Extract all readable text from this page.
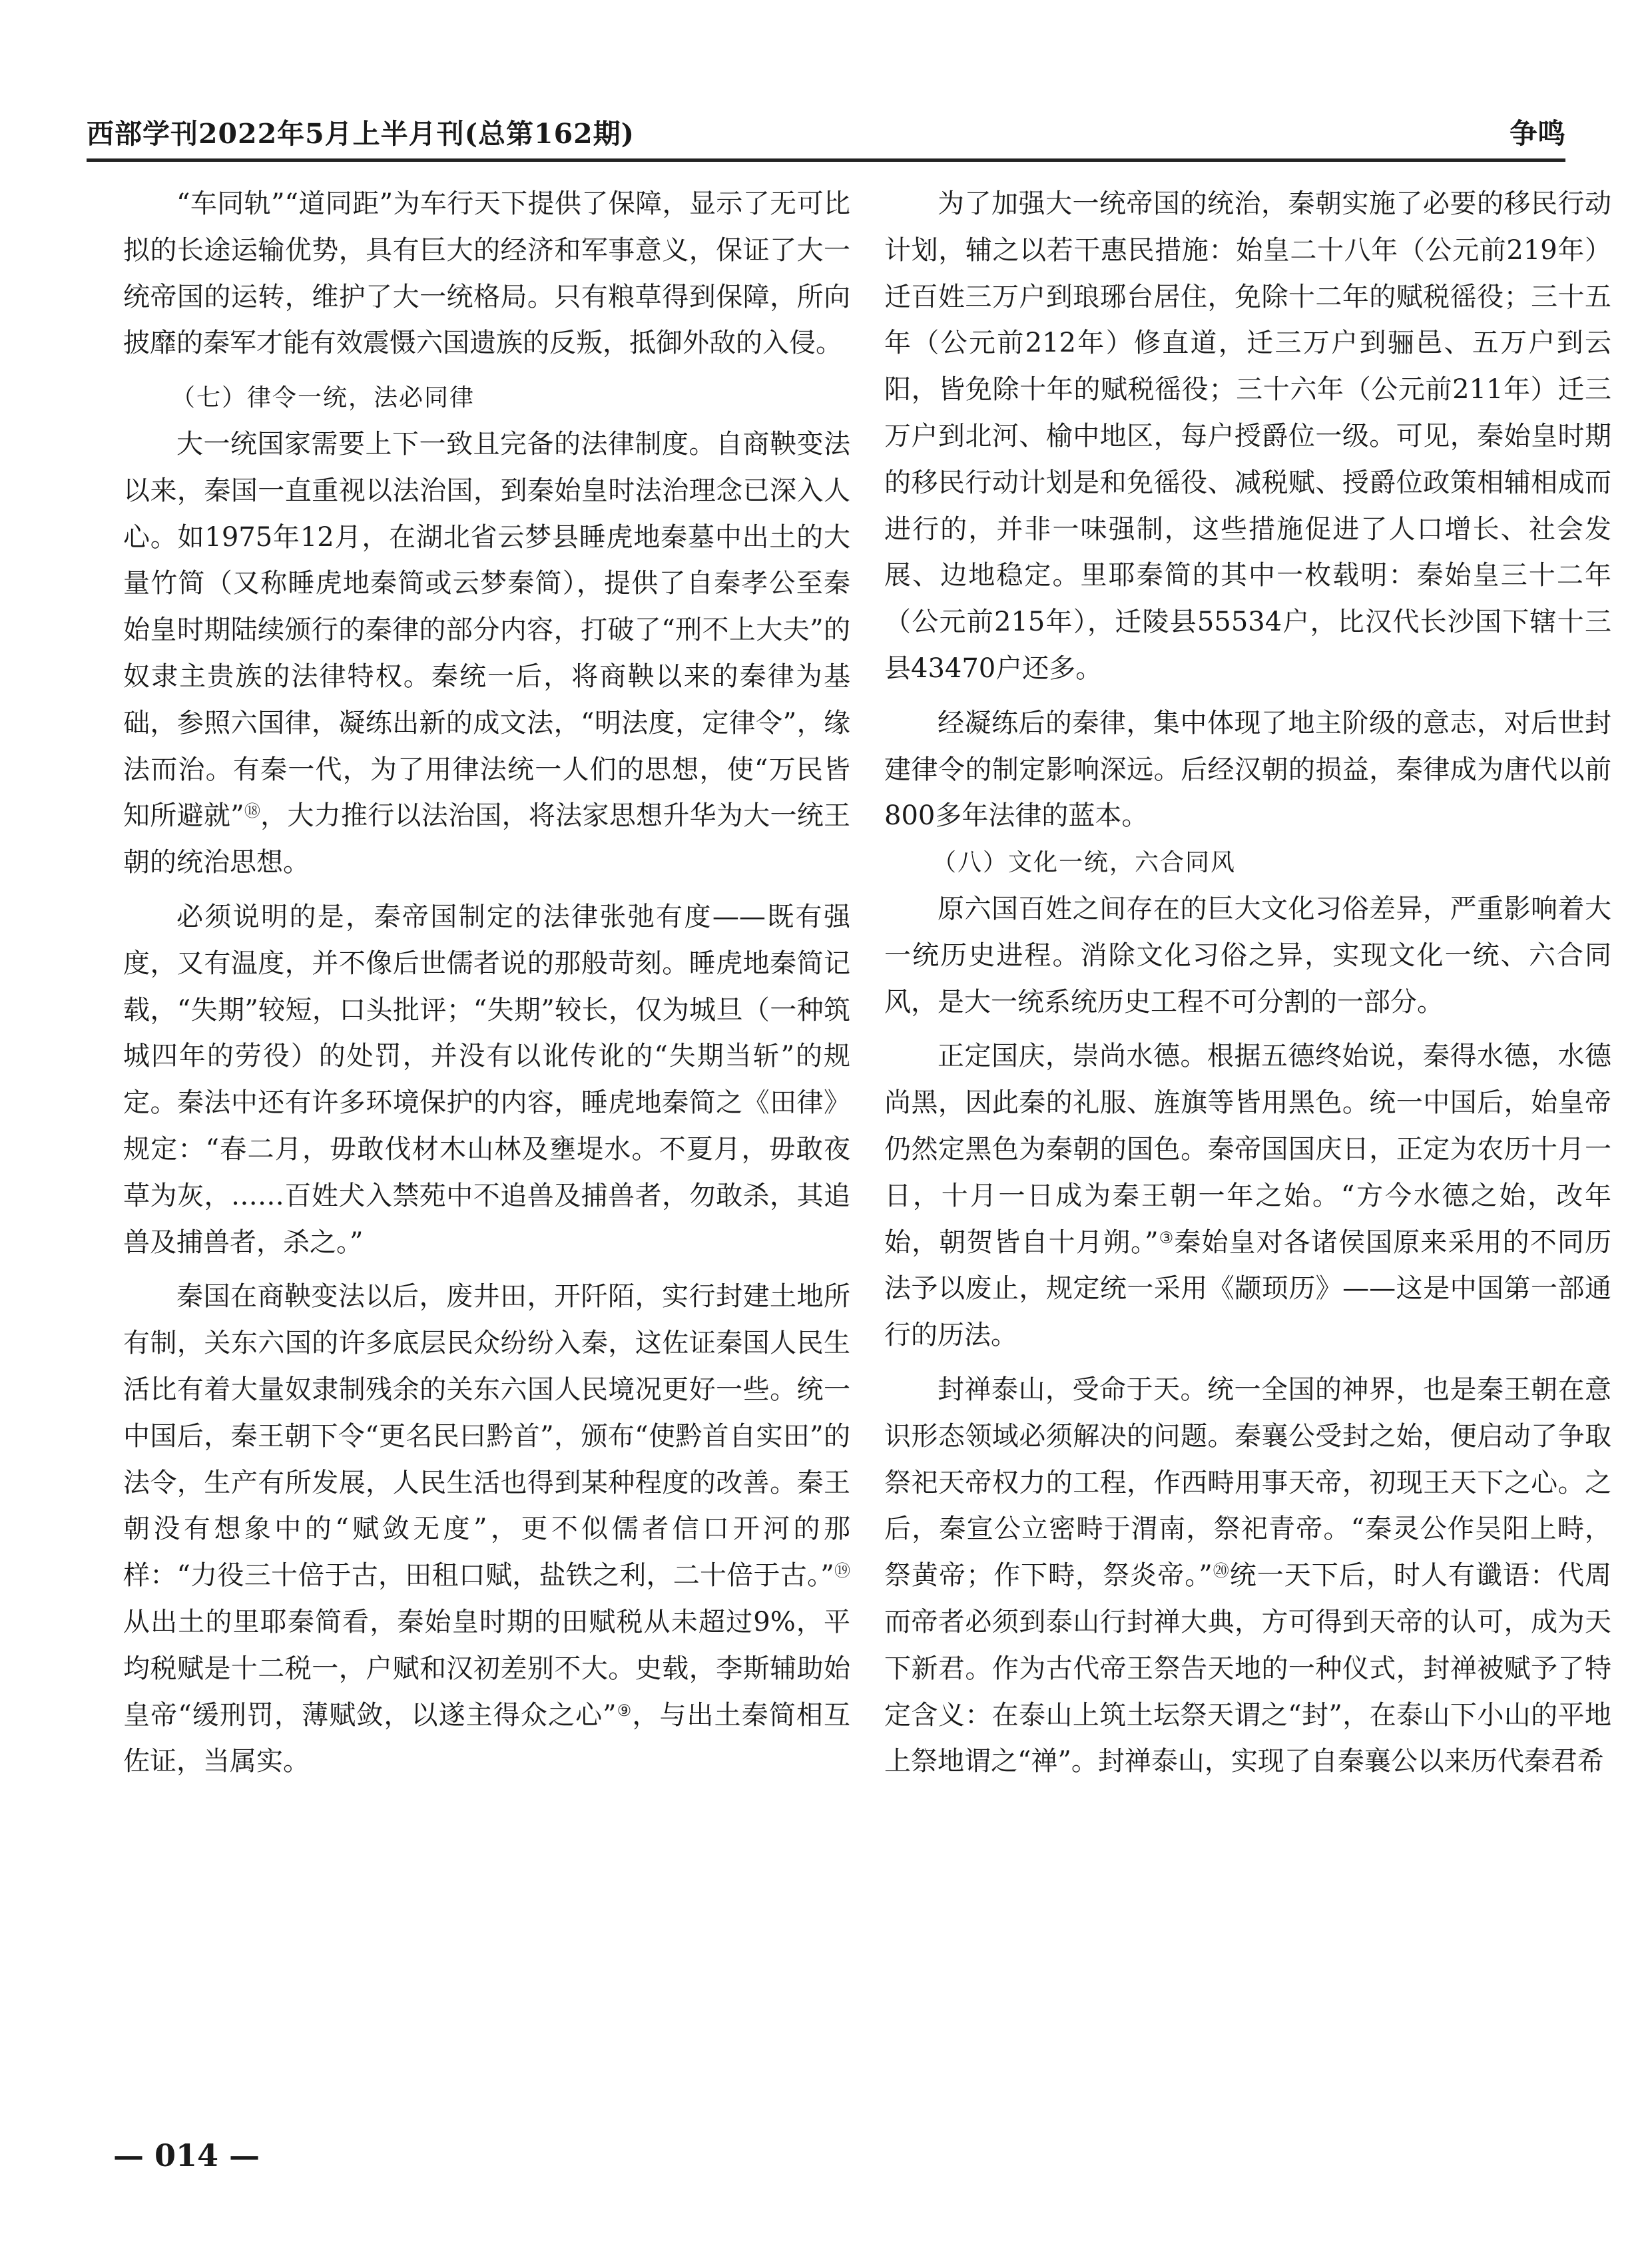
西部学刊2022年5月上半月刊(总第162期)	争鸣

“车同轨”“道同距”为车行天下提供了保障，显示了无可比拟的长途运输优势，具有巨大的经济和军事意义，保证了大一统帝国的运转，维护了大一统格局。只有粮草得到保障，所向披靡的秦军才能有效震慑六国遗族的反叛，抵御外敌的入侵。

（七）律令一统，法必同律

大一统国家需要上下一致且完备的法律制度。自商鞅变法以来，秦国一直重视以法治国，到秦始皇时法治理念已深入人心。如1975年12月，在湖北省云梦县睡虎地秦墓中出土的大量竹简（又称睡虎地秦简或云梦秦简），提供了自秦孝公至秦始皇时期陆续颁行的秦律的部分内容，打破了“刑不上大夫”的奴隶主贵族的法律特权。秦统一后，将商鞅以来的秦律为基础，参照六国律，凝练出新的成文法，“明法度，定律令”，缘法而治。有秦一代，为了用律法统一人们的思想，使“万民皆知所避就”⑱，大力推行以法治国，将法家思想升华为大一统王朝的统治思想。

必须说明的是，秦帝国制定的法律张弛有度——既有强度，又有温度，并不像后世儒者说的那般苛刻。睡虎地秦简记载，“失期”较短，口头批评；“失期”较长，仅为城旦（一种筑城四年的劳役）的处罚，并没有以讹传讹的“失期当斩”的规定。秦法中还有许多环境保护的内容，睡虎地秦简之《田律》规定：“春二月，毋敢伐材木山林及壅堤水。不夏月，毋敢夜草为灰，……百姓犬入禁苑中不追兽及捕兽者，勿敢杀，其追兽及捕兽者，杀之。”

秦国在商鞅变法以后，废井田，开阡陌，实行封建土地所有制，关东六国的许多底层民众纷纷入秦，这佐证秦国人民生活比有着大量奴隶制残余的关东六国人民境况更好一些。统一中国后，秦王朝下令“更名民曰黔首”，颁布“使黔首自实田”的法令，生产有所发展，人民生活也得到某种程度的改善。秦王朝没有想象中的“赋敛无度”，更不似儒者信口开河的那样：“力役三十倍于古，田租口赋，盐铁之利，二十倍于古。”⑲从出土的里耶秦简看，秦始皇时期的田赋税从未超过9%，平均税赋是十二税一，户赋和汉初差别不大。史载，李斯辅助始皇帝“缓刑罚，薄赋敛，以遂主得众之心”⑨，与出土秦简相互佐证，当属实。

为了加强大一统帝国的统治，秦朝实施了必要的移民行动计划，辅之以若干惠民措施：始皇二十八年（公元前219年）迁百姓三万户到琅琊台居住，免除十二年的赋税徭役；三十五年（公元前212年）修直道，迁三万户到骊邑、五万户到云阳，皆免除十年的赋税徭役；三十六年（公元前211年）迁三万户到北河、榆中地区，每户授爵位一级。可见，秦始皇时期的移民行动计划是和免徭役、减税赋、授爵位政策相辅相成而进行的，并非一味强制，这些措施促进了人口增长、社会发展、边地稳定。里耶秦简的其中一枚载明：秦始皇三十二年（公元前215年），迁陵县55534户，比汉代长沙国下辖十三县43470户还多。

经凝练后的秦律，集中体现了地主阶级的意志，对后世封建律令的制定影响深远。后经汉朝的损益，秦律成为唐代以前800多年法律的蓝本。

（八）文化一统，六合同风

原六国百姓之间存在的巨大文化习俗差异，严重影响着大一统历史进程。消除文化习俗之异，实现文化一统、六合同风，是大一统系统历史工程不可分割的一部分。

正定国庆，崇尚水德。根据五德终始说，秦得水德，水德尚黑，因此秦的礼服、旌旗等皆用黑色。统一中国后，始皇帝仍然定黑色为秦朝的国色。秦帝国国庆日，正定为农历十月一日，十月一日成为秦王朝一年之始。“方今水德之始，改年始，朝贺皆自十月朔。”③秦始皇对各诸侯国原来采用的不同历法予以废止，规定统一采用《颛顼历》——这是中国第一部通行的历法。

封禅泰山，受命于天。统一全国的神界，也是秦王朝在意识形态领域必须解决的问题。秦襄公受封之始，便启动了争取祭祀天帝权力的工程，作西畤用事天帝，初现王天下之心。之后，秦宣公立密畤于渭南，祭祀青帝。“秦灵公作吴阳上畤，祭黄帝；作下畤，祭炎帝。”⑳统一天下后，时人有谶语：代周而帝者必须到泰山行封禅大典，方可得到天帝的认可，成为天下新君。作为古代帝王祭告天地的一种仪式，封禅被赋予了特定含义：在泰山上筑土坛祭天谓之“封”，在泰山下小山的平地上祭地谓之“禅”。封禅泰山，实现了自秦襄公以来历代秦君希

— 014 —
